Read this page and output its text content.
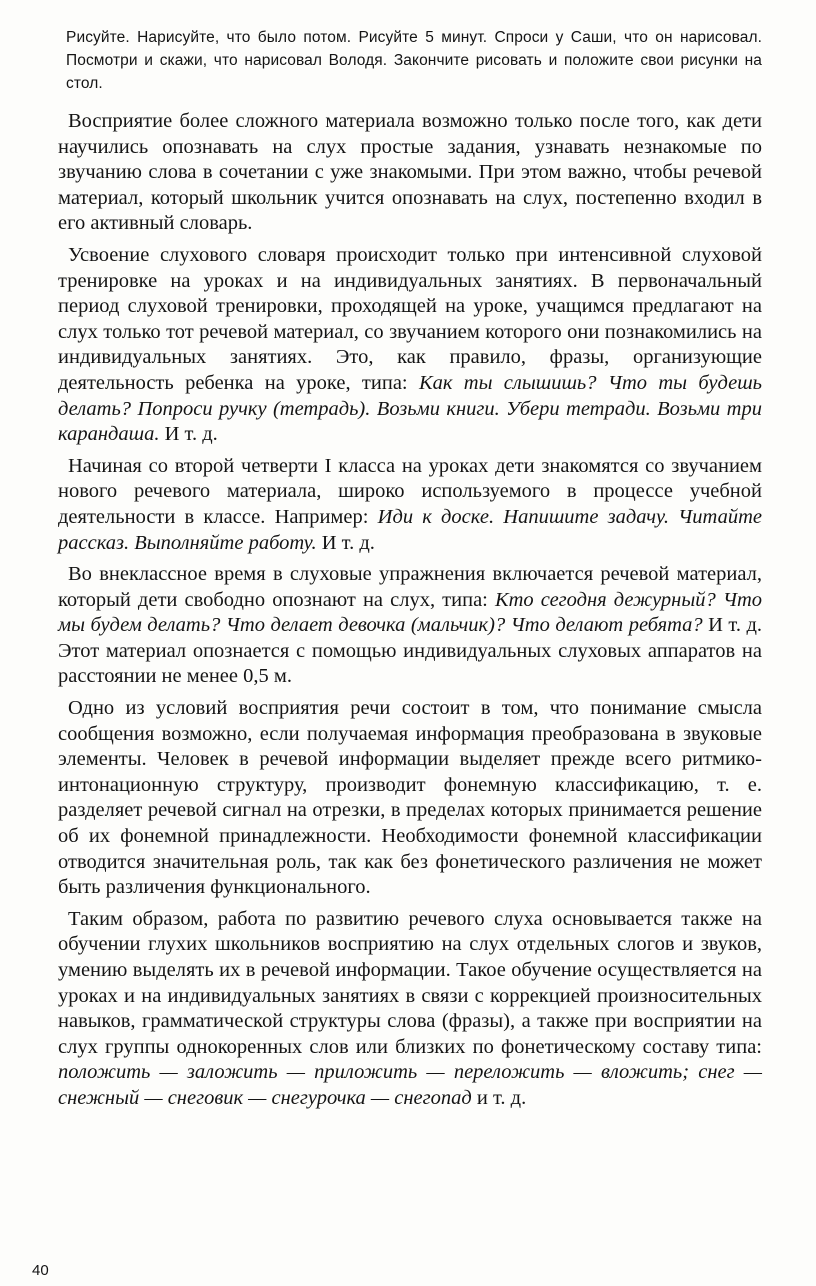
Рисуйте. Нарисуйте, что было потом. Рисуйте 5 минут. Спроси у Саши, что он нарисовал. Посмотри и скажи, что нарисовал Володя. Закончите рисовать и положите свои рисунки на стол.

Восприятие более сложного материала возможно только после того, как дети научились опознавать на слух простые задания, узнавать незнакомые по звучанию слова в сочетании с уже знакомыми. При этом важно, чтобы речевой материал, который школьник учится опознавать на слух, постепенно входил в его активный словарь.

Усвоение слухового словаря происходит только при интенсивной слуховой тренировке на уроках и на индивидуальных занятиях. В первоначальный период слуховой тренировки, проходящей на уроке, учащимся предлагают на слух только тот речевой материал, со звучанием которого они познакомились на индивидуальных занятиях. Это, как правило, фразы, организующие деятельность ребенка на уроке, типа: Как ты слышишь? Что ты будешь делать? Попроси ручку (тетрадь). Возьми книги. Убери тетради. Возьми три карандаша. И т. д.

Начиная со второй четверти I класса на уроках дети знакомятся со звучанием нового речевого материала, широко используемого в процессе учебной деятельности в классе. Например: Иди к доске. Напишите задачу. Читайте рассказ. Выполняйте работу. И т. д.

Во внеклассное время в слуховые упражнения включается речевой материал, который дети свободно опознают на слух, типа: Кто сегодня дежурный? Что мы будем делать? Что делает девочка (мальчик)? Что делают ребята? И т. д. Этот материал опознается с помощью индивидуальных слуховых аппаратов на расстоянии не менее 0,5 м.

Одно из условий восприятия речи состоит в том, что понимание смысла сообщения возможно, если получаемая информация преобразована в звуковые элементы. Человек в речевой информации выделяет прежде всего ритмико-интонационную структуру, производит фонемную классификацию, т. е. разделяет речевой сигнал на отрезки, в пределах которых принимается решение об их фонемной принадлежности. Необходимости фонемной классификации отводится значительная роль, так как без фонетического различения не может быть различения функционального.

Таким образом, работа по развитию речевого слуха основывается также на обучении глухих школьников восприятию на слух отдельных слогов и звуков, умению выделять их в речевой информации. Такое обучение осуществляется на уроках и на индивидуальных занятиях в связи с коррекцией произносительных навыков, грамматической структуры слова (фразы), а также при восприятии на слух группы однокоренных слов или близких по фонетическому составу типа: положить — заложить — приложить — переложить — вложить; снег — снежный — снеговик — снегурочка — снегопад и т. д.

40
